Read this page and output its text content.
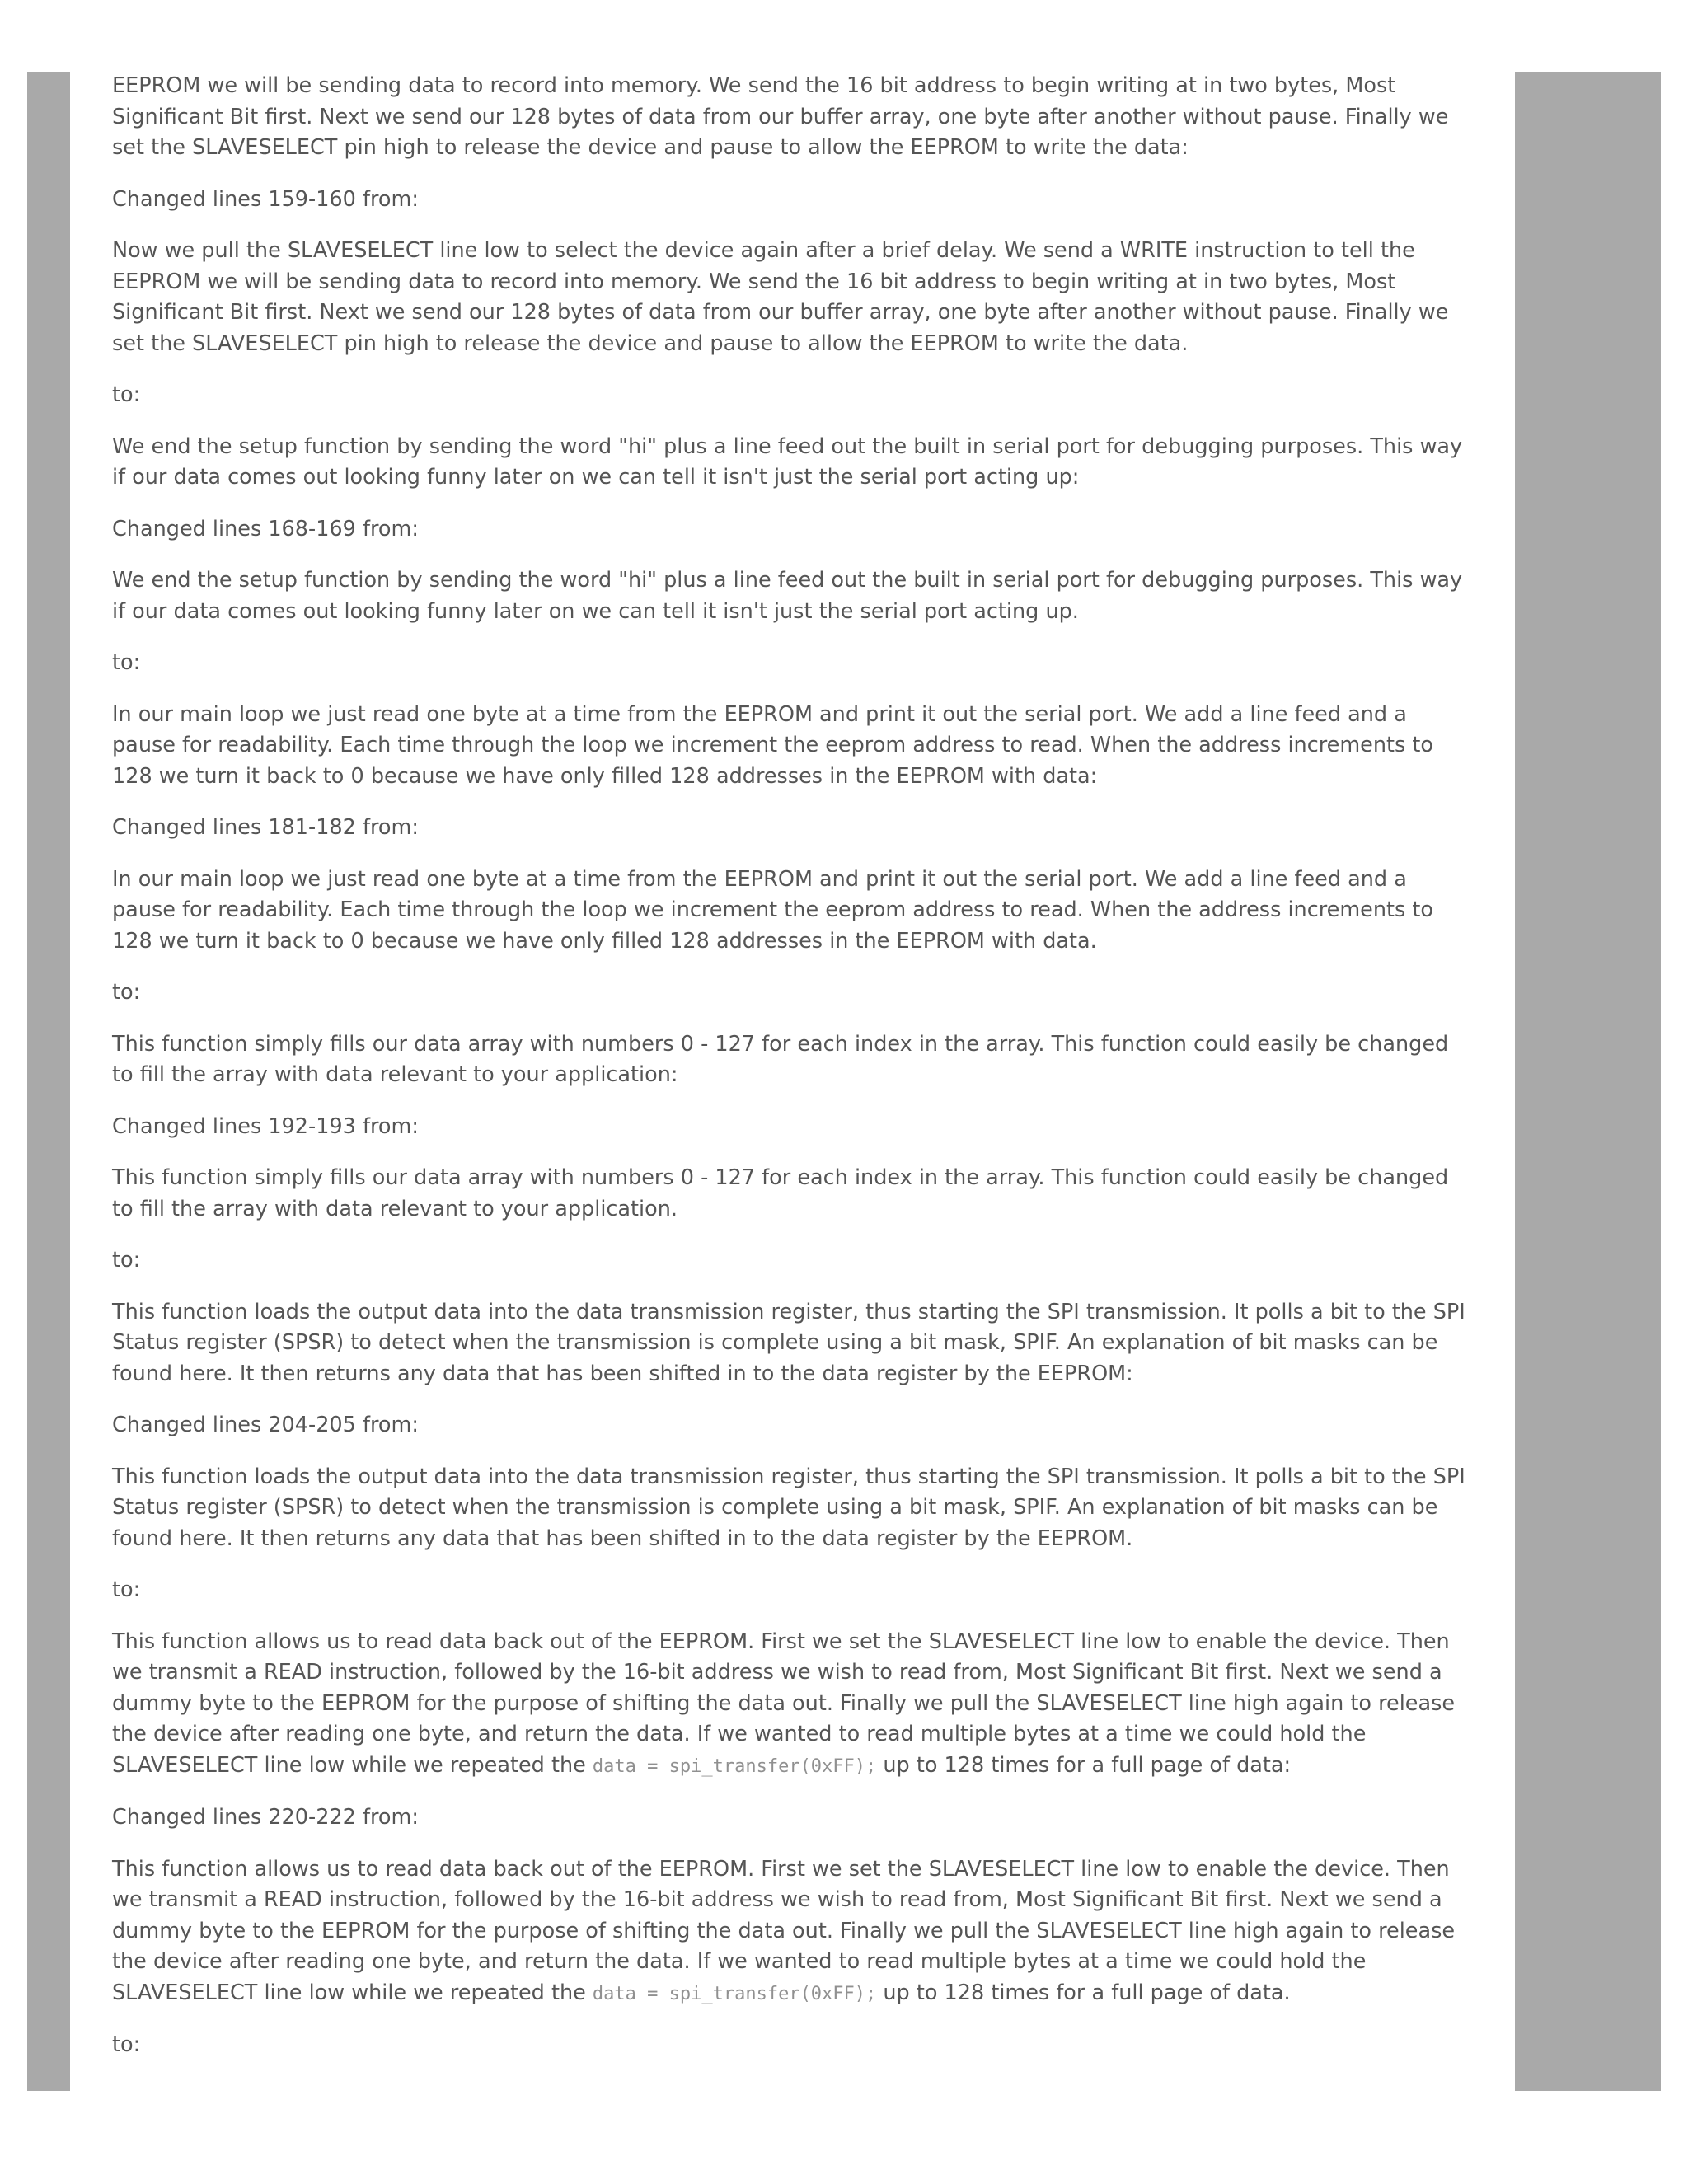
EEPROM we will be sending data to record into memory. We send the 16 bit address to begin writing at in two bytes, Most Significant Bit first. Next we send our 128 bytes of data from our buffer array, one byte after another without pause. Finally we set the SLAVESELECT pin high to release the device and pause to allow the EEPROM to write the data:

Changed lines 159-160 from:

Now we pull the SLAVESELECT line low to select the device again after a brief delay. We send a WRITE instruction to tell the EEPROM we will be sending data to record into memory. We send the 16 bit address to begin writing at in two bytes, Most Significant Bit first. Next we send our 128 bytes of data from our buffer array, one byte after another without pause. Finally we set the SLAVESELECT pin high to release the device and pause to allow the EEPROM to write the data.

to:

We end the setup function by sending the word "hi" plus a line feed out the built in serial port for debugging purposes. This way if our data comes out looking funny later on we can tell it isn't just the serial port acting up:

Changed lines 168-169 from:

We end the setup function by sending the word "hi" plus a line feed out the built in serial port for debugging purposes. This way if our data comes out looking funny later on we can tell it isn't just the serial port acting up.

to:

In our main loop we just read one byte at a time from the EEPROM and print it out the serial port. We add a line feed and a pause for readability. Each time through the loop we increment the eeprom address to read. When the address increments to 128 we turn it back to 0 because we have only filled 128 addresses in the EEPROM with data:

Changed lines 181-182 from:

In our main loop we just read one byte at a time from the EEPROM and print it out the serial port. We add a line feed and a pause for readability. Each time through the loop we increment the eeprom address to read. When the address increments to 128 we turn it back to 0 because we have only filled 128 addresses in the EEPROM with data.

to:

This function simply fills our data array with numbers 0 - 127 for each index in the array. This function could easily be changed to fill the array with data relevant to your application:

Changed lines 192-193 from:

This function simply fills our data array with numbers 0 - 127 for each index in the array. This function could easily be changed to fill the array with data relevant to your application.

to:

This function loads the output data into the data transmission register, thus starting the SPI transmission. It polls a bit to the SPI Status register (SPSR) to detect when the transmission is complete using a bit mask, SPIF. An explanation of bit masks can be found here. It then returns any data that has been shifted in to the data register by the EEPROM:

Changed lines 204-205 from:

This function loads the output data into the data transmission register, thus starting the SPI transmission. It polls a bit to the SPI Status register (SPSR) to detect when the transmission is complete using a bit mask, SPIF. An explanation of bit masks can be found here. It then returns any data that has been shifted in to the data register by the EEPROM.

to:

This function allows us to read data back out of the EEPROM. First we set the SLAVESELECT line low to enable the device. Then we transmit a READ instruction, followed by the 16-bit address we wish to read from, Most Significant Bit first. Next we send a dummy byte to the EEPROM for the purpose of shifting the data out. Finally we pull the SLAVESELECT line high again to release the device after reading one byte, and return the data. If we wanted to read multiple bytes at a time we could hold the SLAVESELECT line low while we repeated the data = spi_transfer(0xFF); up to 128 times for a full page of data:

Changed lines 220-222 from:

This function allows us to read data back out of the EEPROM. First we set the SLAVESELECT line low to enable the device. Then we transmit a READ instruction, followed by the 16-bit address we wish to read from, Most Significant Bit first. Next we send a dummy byte to the EEPROM for the purpose of shifting the data out. Finally we pull the SLAVESELECT line high again to release the device after reading one byte, and return the data. If we wanted to read multiple bytes at a time we could hold the SLAVESELECT line low while we repeated the data = spi_transfer(0xFF); up to 128 times for a full page of data.

to:
